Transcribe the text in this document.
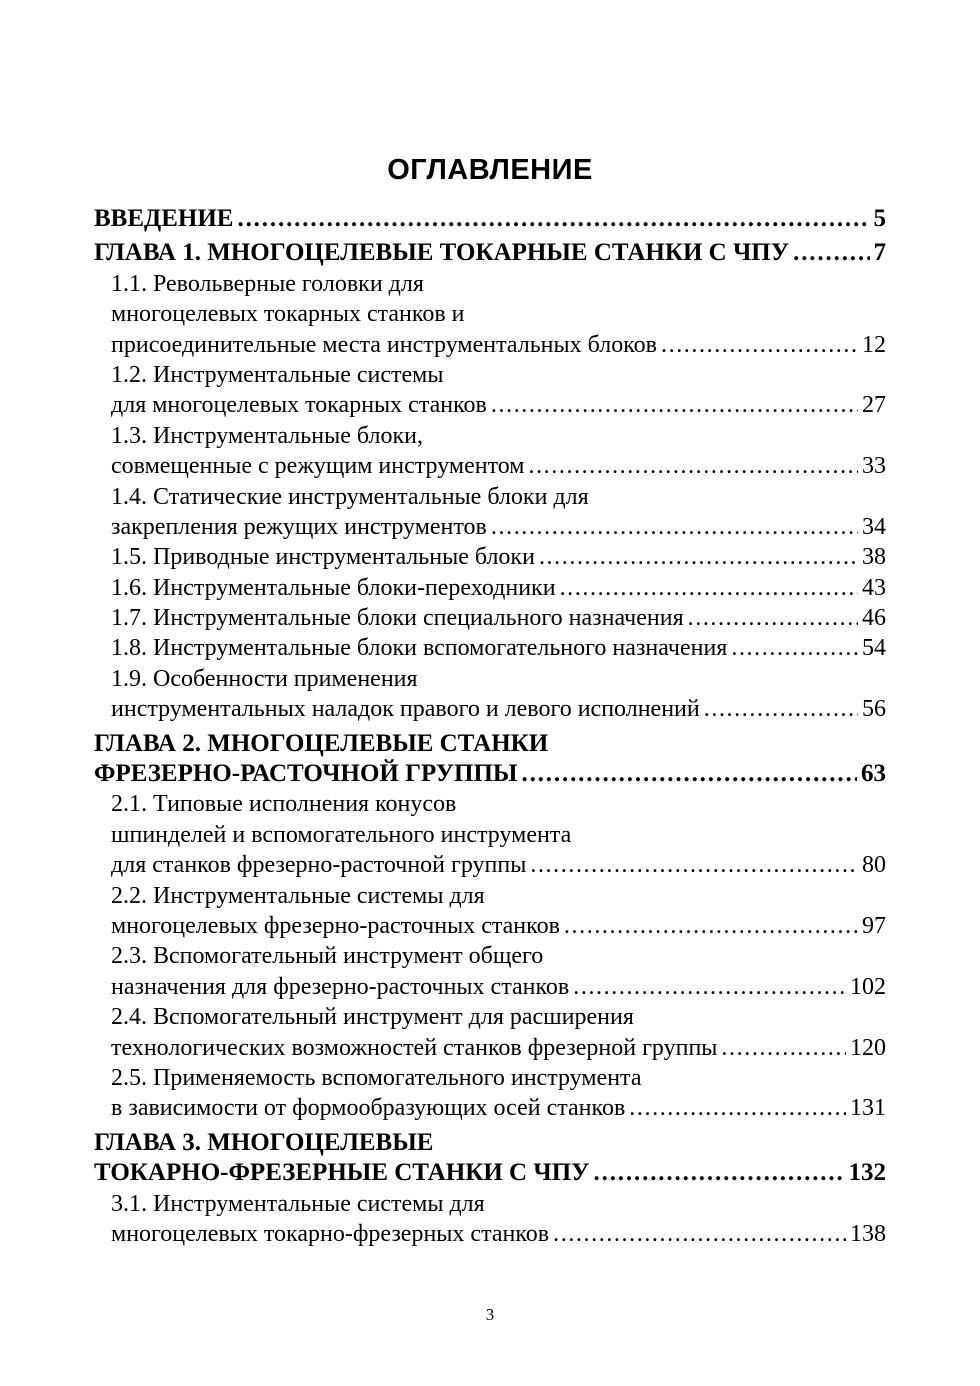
ОГЛАВЛЕНИЕ
ВВЕДЕНИЕ . . .	5
ГЛАВА 1. МНОГОЦЕЛЕВЫЕ ТОКАРНЫЕ СТАНКИ С ЧПУ . . .	7
1.1. Револьверные головки для
многоцелевых токарных станков и
присоединительные места инструментальных блоков . . .	12
1.2. Инструментальные системы
для многоцелевых токарных станков . . .	27
1.3. Инструментальные блоки,
совмещенные с режущим инструментом . . .	33
1.4. Статические инструментальные блоки для
закрепления режущих инструментов . . .	34
1.5. Приводные инструментальные блоки . . .	38
1.6. Инструментальные блоки-переходники . . .	43
1.7. Инструментальные блоки специального назначения . . .	46
1.8. Инструментальные блоки вспомогательного назначения . . .	54
1.9. Особенности применения
инструментальных наладок правого и левого исполнений . . .	56
ГЛАВА 2. МНОГОЦЕЛЕВЫЕ СТАНКИ
ФРЕЗЕРНО-РАСТОЧНОЙ ГРУППЫ . . .	63
2.1. Типовые исполнения конусов
шпинделей и вспомогательного инструмента
для станков фрезерно-расточной группы . . .	80
2.2. Инструментальные системы для
многоцелевых фрезерно-расточных станков . . .	97
2.3. Вспомогательный инструмент общего
назначения для фрезерно-расточных станков . . .	102
2.4. Вспомогательный инструмент для расширения
технологических возможностей станков фрезерной группы . . .	120
2.5. Применяемость вспомогательного инструмента
в зависимости от формообразующих осей станков . . .	131
ГЛАВА 3. МНОГОЦЕЛЕВЫЕ
ТОКАРНО-ФРЕЗЕРНЫЕ СТАНКИ С ЧПУ . . .	132
3.1. Инструментальные системы для
многоцелевых токарно-фрезерных станков . . .	138
3
